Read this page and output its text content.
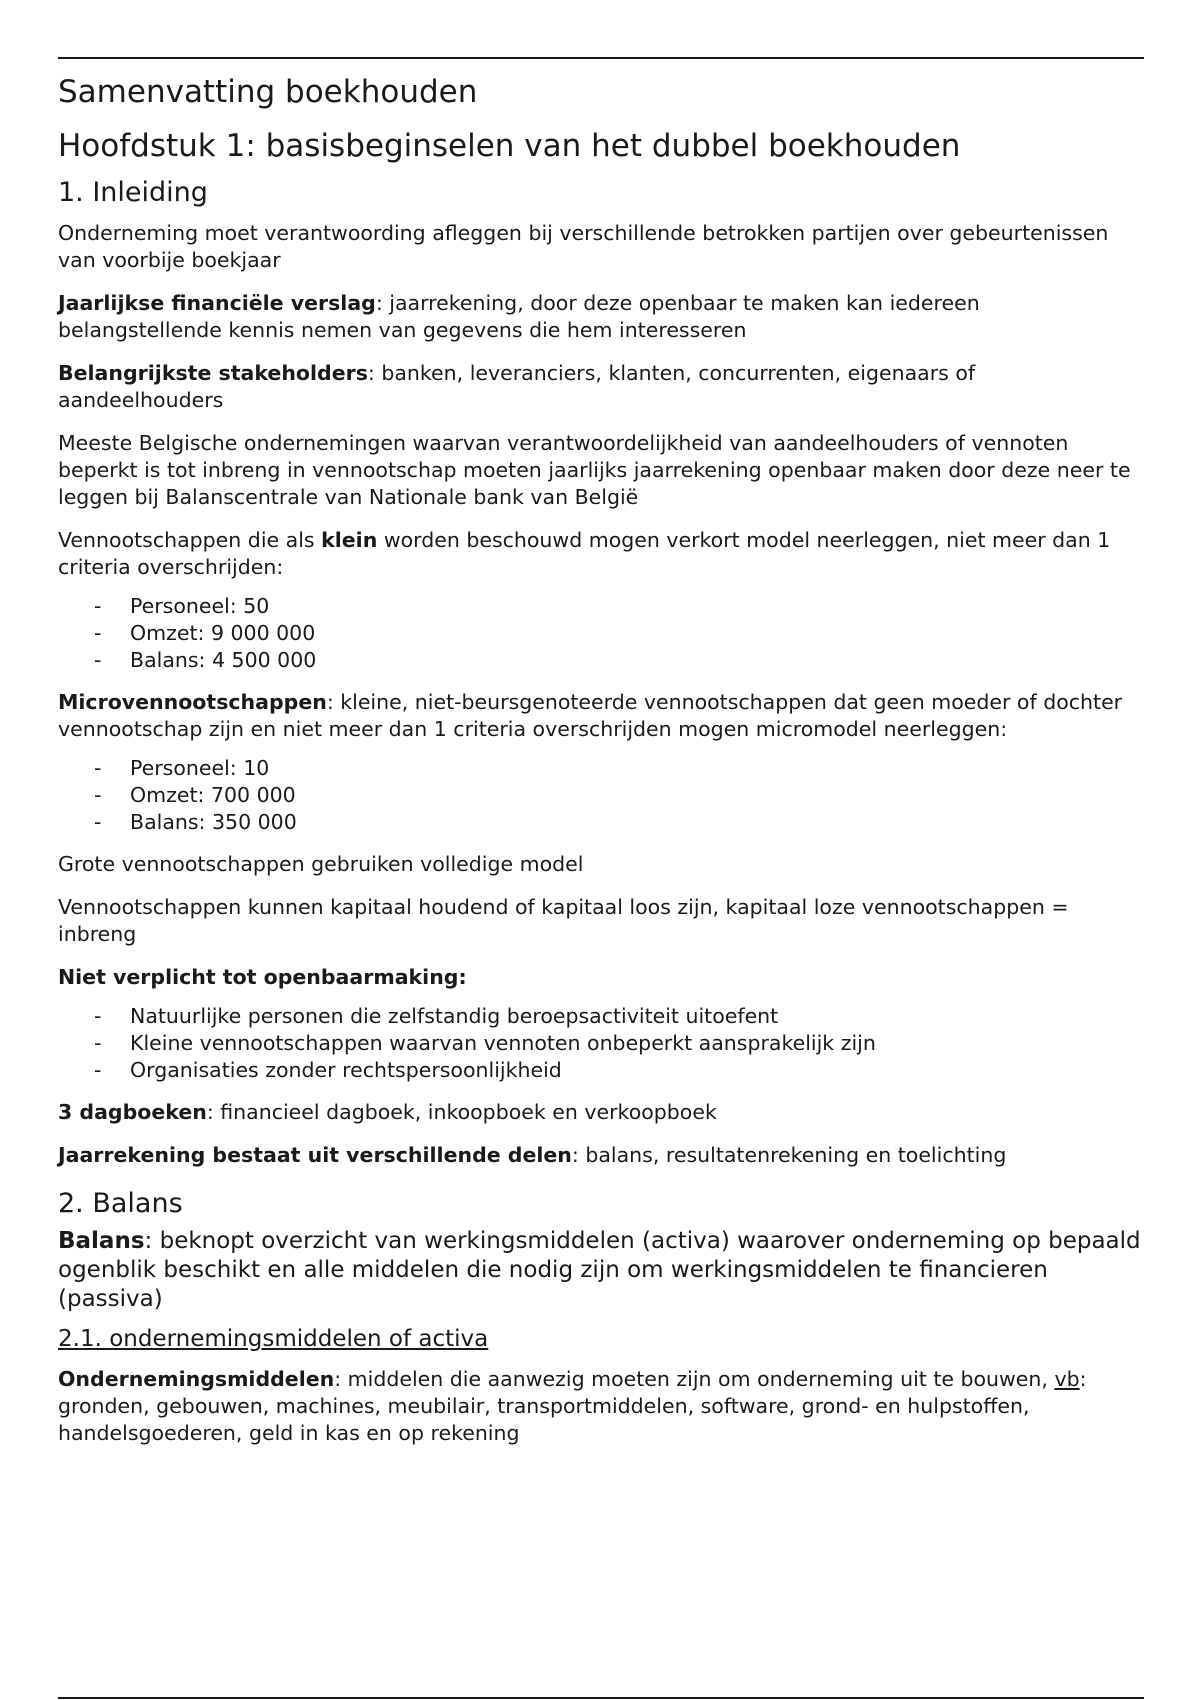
Samenvatting boekhouden
Hoofdstuk 1: basisbeginselen van het dubbel boekhouden
1. Inleiding

Onderneming moet verantwoording afleggen bij verschillende betrokken partijen over gebeurtenissen van voorbije boekjaar

Jaarlijkse financiële verslag: jaarrekening, door deze openbaar te maken kan iedereen belangstellende kennis nemen van gegevens die hem interesseren

Belangrijkste stakeholders: banken, leveranciers, klanten, concurrenten, eigenaars of aandeelhouders

Meeste Belgische ondernemingen waarvan verantwoordelijkheid van aandeelhouders of vennoten beperkt is tot inbreng in vennootschap moeten jaarlijks jaarrekening openbaar maken door deze neer te leggen bij Balanscentrale van Nationale bank van België

Vennootschappen die als klein worden beschouwd mogen verkort model neerleggen, niet meer dan 1 criteria overschrijden:

- Personeel: 50
- Omzet: 9 000 000
- Balans: 4 500 000

Microvennootschappen: kleine, niet-beursgenoteerde vennootschappen dat geen moeder of dochter vennootschap zijn en niet meer dan 1 criteria overschrijden mogen micromodel neerleggen:

- Personeel: 10
- Omzet: 700 000
- Balans: 350 000

Grote vennootschappen gebruiken volledige model

Vennootschappen kunnen kapitaal houdend of kapitaal loos zijn, kapitaal loze vennootschappen = inbreng

Niet verplicht tot openbaarmaking:

- Natuurlijke personen die zelfstandig beroepsactiviteit uitoefent
- Kleine vennootschappen waarvan vennoten onbeperkt aansprakelijk zijn
- Organisaties zonder rechtspersoonlijkheid

3 dagboeken: financieel dagboek, inkoopboek en verkoopboek

Jaarrekening bestaat uit verschillende delen: balans, resultatenrekening en toelichting

2. Balans

Balans: beknopt overzicht van werkingsmiddelen (activa) waarover onderneming op bepaald ogenblik beschikt en alle middelen die nodig zijn om werkingsmiddelen te financieren (passiva)

2.1. ondernemingsmiddelen of activa

Ondernemingsmiddelen: middelen die aanwezig moeten zijn om onderneming uit te bouwen, vb: gronden, gebouwen, machines, meubilair, transportmiddelen, software, grond- en hulpstoffen, handelsgoederen, geld in kas en op rekening
